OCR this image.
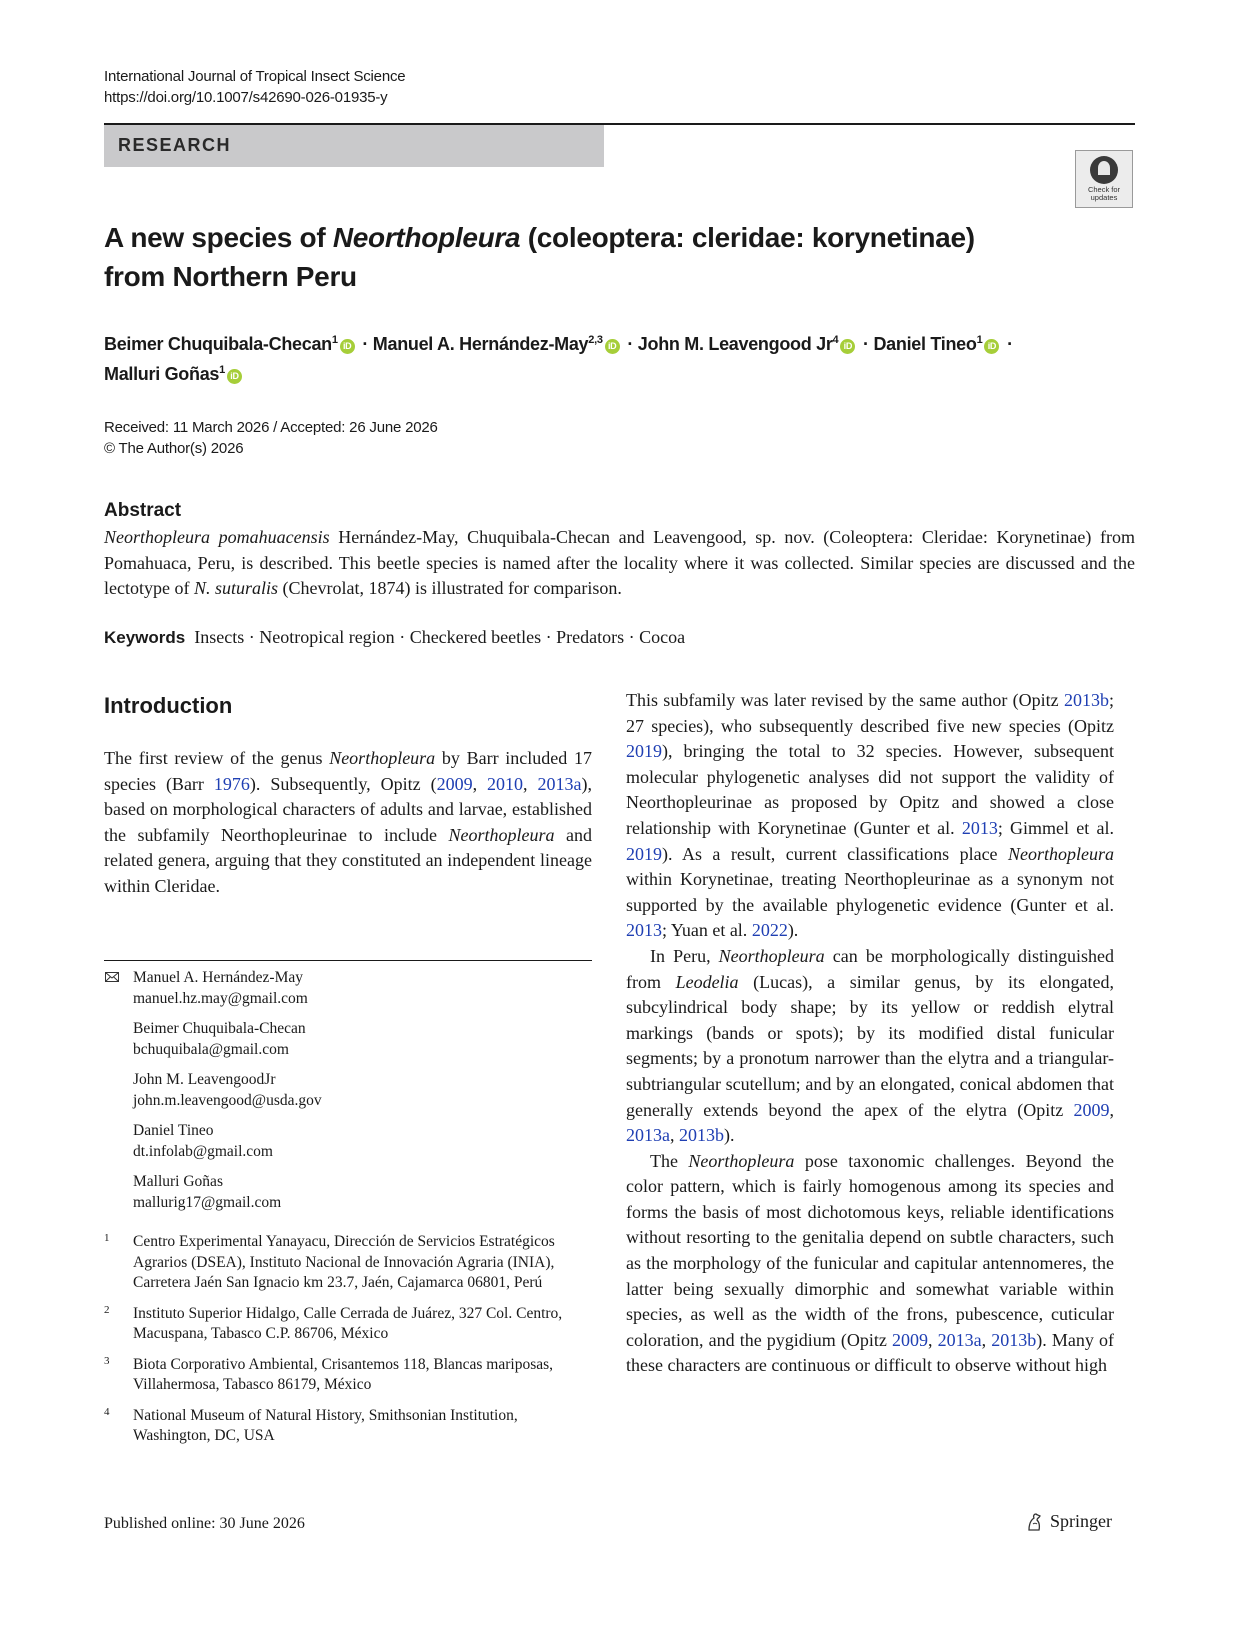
International Journal of Tropical Insect Science
https://doi.org/10.1007/s42690-026-01935-y
RESEARCH
Check for
updates
A new species of Neorthopleura (coleoptera: cleridae: korynetinae)
from Northern Peru
Beimer Chuquibala-Checan$^1$ iD · Manuel A. Hernández-May$^{2,3}$ iD · John M. Leavengood Jr$^4$ iD · Daniel Tineo$^1$ iD ·
Malluri Goñas$^1$ iD
Received: 11 March 2026 / Accepted: 26 June 2026
© The Author(s) 2026
Abstract

Neorthopleura pomahuacensis Hernández-May, Chuquibala-Checan and Leavengood, sp. nov. (Coleoptera: Cleridae: Korynetinae) from Pomahuaca, Peru, is described. This beetle species is named after the locality where it was collected. Similar species are discussed and the lectotype of N. suturalis (Chevrolat, 1874) is illustrated for comparison.

Keywords Insects · Neotropical region · Checkered beetles · Predators · Cocoa
Introduction

The first review of the genus Neorthopleura by Barr included 17 species (Barr 1976). Subsequently, Opitz (2009, 2010, 2013a), based on morphological characters of adults and larvae, established the subfamily Neorthopleurinae to include Neorthopleura and related genera, arguing that they constituted an independent lineage within Cleridae.

This subfamily was later revised by the same author (Opitz 2013b; 27 species), who subsequently described five new species (Opitz 2019), bringing the total to 32 species. However, subsequent molecular phylogenetic analyses did not support the validity of Neorthopleurinae as proposed by Opitz and showed a close relationship with Korynetinae (Gunter et al. 2013; Gimmel et al. 2019). As a result, current classifications place Neorthopleura within Korynetinae, treating Neorthopleurinae as a synonym not supported by the available phylogenetic evidence (Gunter et al. 2013; Yuan et al. 2022).

In Peru, Neorthopleura can be morphologically distinguished from Leodelia (Lucas), a similar genus, by its elongated, subcylindrical body shape; by its yellow or reddish elytral markings (bands or spots); by its modified distal funicular segments; by a pronotum narrower than the elytra and a triangular-subtriangular scutellum; and by an elongated, conical abdomen that generally extends beyond the apex of the elytra (Opitz 2009, 2013a, 2013b).

The Neorthopleura pose taxonomic challenges. Beyond the color pattern, which is fairly homogenous among its species and forms the basis of most dichotomous keys, reliable identifications without resorting to the genitalia depend on subtle characters, such as the morphology of the funicular and capitular antennomeres, the latter being sexually dimorphic and somewhat variable within species, as well as the width of the frons, pubescence, cuticular coloration, and the pygidium (Opitz 2009, 2013a, 2013b). Many of these characters are continuous or difficult to observe without high

Manuel A. Hernández-May
manuel.hz.may@gmail.com
Beimer Chuquibala-Checan
bchuquibala@gmail.com
John M. LeavengoodJr
john.m.leavengood@usda.gov
Daniel Tineo
dt.infolab@gmail.com
Malluri Goñas
mallurig17@gmail.com
1 Centro Experimental Yanayacu, Dirección de Servicios Estratégicos Agrarios (DSEA), Instituto Nacional de Innovación Agraria (INIA), Carretera Jaén San Ignacio km 23.7, Jaén, Cajamarca 06801, Perú
2 Instituto Superior Hidalgo, Calle Cerrada de Juárez, 327 Col. Centro, Macuspana, Tabasco C.P. 86706, México
3 Biota Corporativo Ambiental, Crisantemos 118, Blancas mariposas, Villahermosa, Tabasco 86179, México
4 National Museum of Natural History, Smithsonian Institution, Washington, DC, USA
Published online: 30 June 2026	Springer
